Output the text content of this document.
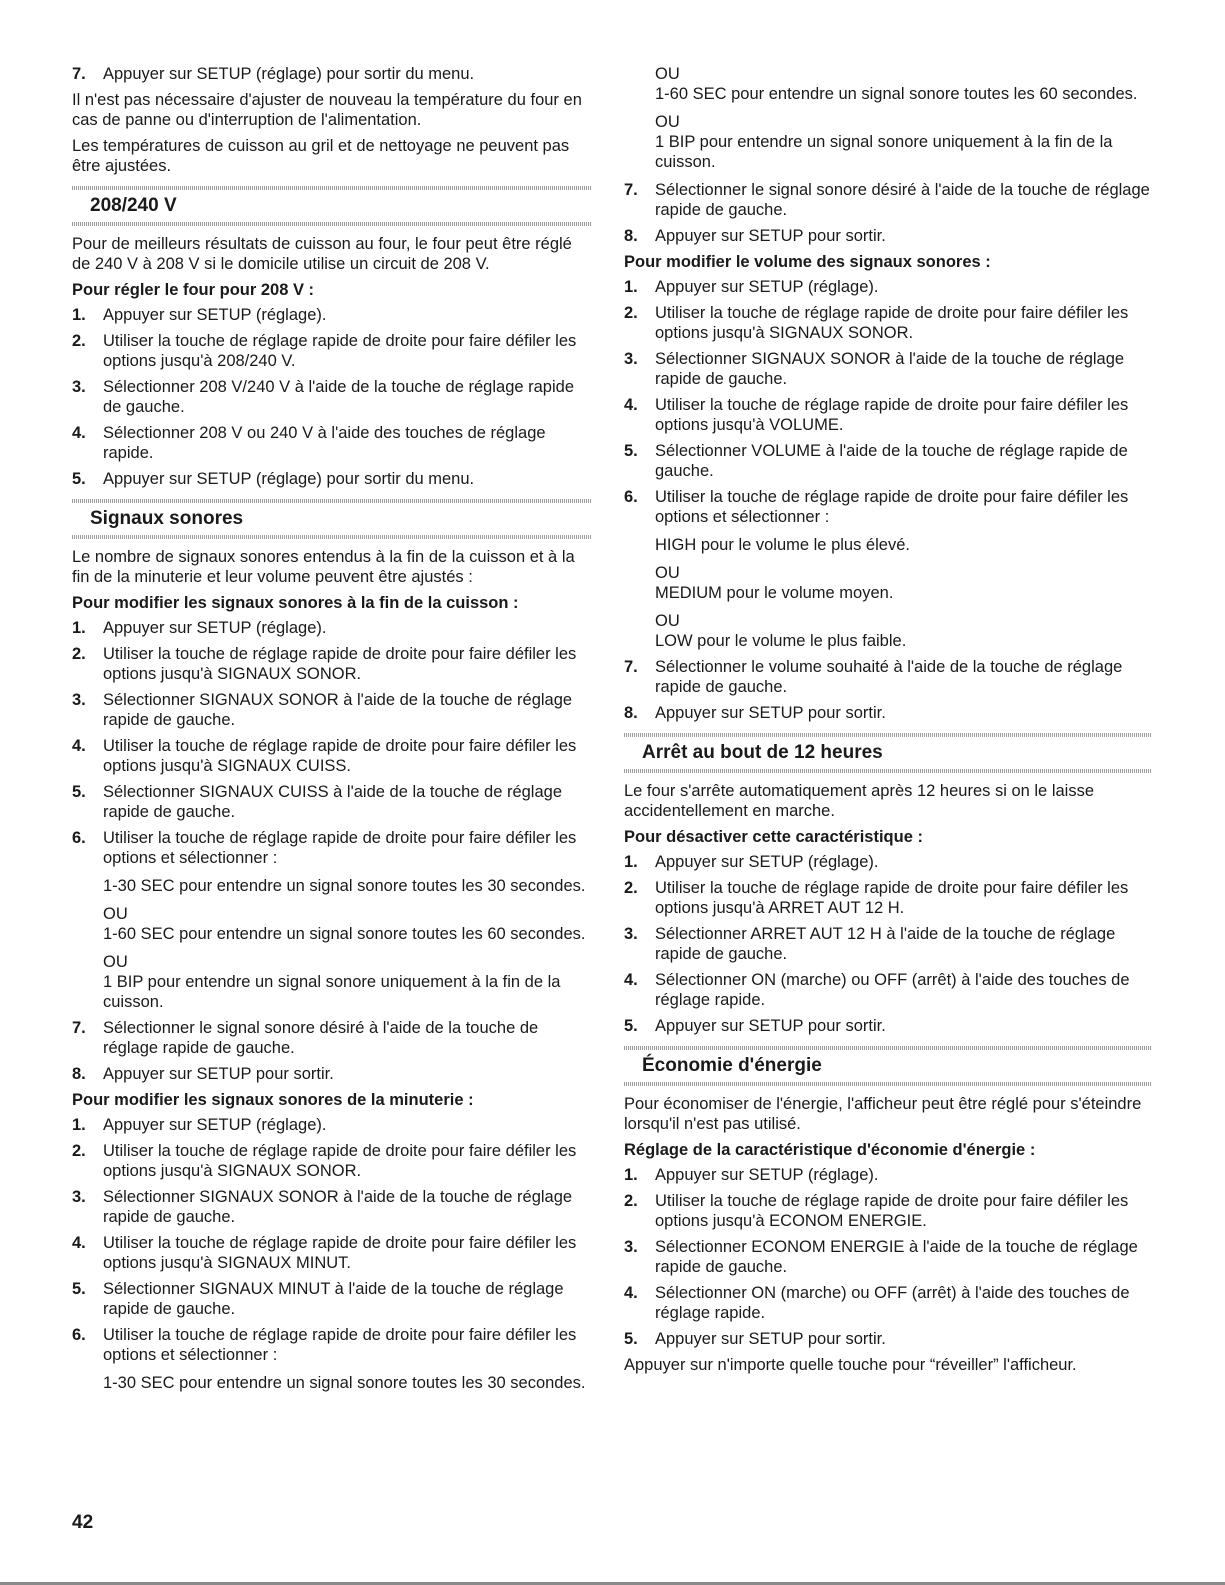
7.	Appuyer sur SETUP (réglage) pour sortir du menu.

Il n'est pas nécessaire d'ajuster de nouveau la température du four en cas de panne ou d'interruption de l'alimentation.

Les températures de cuisson au gril et de nettoyage ne peuvent pas être ajustées.

208/240 V

Pour de meilleurs résultats de cuisson au four, le four peut être réglé de 240 V à 208 V si le domicile utilise un circuit de 208 V.

Pour régler le four pour 208 V :

1.	Appuyer sur SETUP (réglage).

2.	Utiliser la touche de réglage rapide de droite pour faire défiler les options jusqu'à 208/240 V.

3.	Sélectionner 208 V/240 V à l'aide de la touche de réglage rapide de gauche.

4.	Sélectionner 208 V ou 240 V à l'aide des touches de réglage rapide.

5.	Appuyer sur SETUP (réglage) pour sortir du menu.

Signaux sonores

Le nombre de signaux sonores entendus à la fin de la cuisson et à la fin de la minuterie et leur volume peuvent être ajustés :

Pour modifier les signaux sonores à la fin de la cuisson :

1.	Appuyer sur SETUP (réglage).

2.	Utiliser la touche de réglage rapide de droite pour faire défiler les options jusqu'à SIGNAUX SONOR.

3.	Sélectionner SIGNAUX SONOR à l'aide de la touche de réglage rapide de gauche.

4.	Utiliser la touche de réglage rapide de droite pour faire défiler les options jusqu'à SIGNAUX CUISS.

5.	Sélectionner SIGNAUX CUISS à l'aide de la touche de réglage rapide de gauche.

6.	Utiliser la touche de réglage rapide de droite pour faire défiler les options et sélectionner :

1-30 SEC pour entendre un signal sonore toutes les 30 secondes.

OU
1-60 SEC pour entendre un signal sonore toutes les 60 secondes.

OU
1 BIP pour entendre un signal sonore uniquement à la fin de la cuisson.

7.	Sélectionner le signal sonore désiré à l'aide de la touche de réglage rapide de gauche.

8.	Appuyer sur SETUP pour sortir.

Pour modifier les signaux sonores de la minuterie :

1.	Appuyer sur SETUP (réglage).

2.	Utiliser la touche de réglage rapide de droite pour faire défiler les options jusqu'à SIGNAUX SONOR.

3.	Sélectionner SIGNAUX SONOR à l'aide de la touche de réglage rapide de gauche.

4.	Utiliser la touche de réglage rapide de droite pour faire défiler les options jusqu'à SIGNAUX MINUT.

5.	Sélectionner SIGNAUX MINUT à l'aide de la touche de réglage rapide de gauche.

6.	Utiliser la touche de réglage rapide de droite pour faire défiler les options et sélectionner :

1-30 SEC pour entendre un signal sonore toutes les 30 secondes.

OU
1-60 SEC pour entendre un signal sonore toutes les 60 secondes.

OU
1 BIP pour entendre un signal sonore uniquement à la fin de la cuisson.

7.	Sélectionner le signal sonore désiré à l'aide de la touche de réglage rapide de gauche.

8.	Appuyer sur SETUP pour sortir.

Pour modifier le volume des signaux sonores :

1.	Appuyer sur SETUP (réglage).

2.	Utiliser la touche de réglage rapide de droite pour faire défiler les options jusqu'à SIGNAUX SONOR.

3.	Sélectionner SIGNAUX SONOR à l'aide de la touche de réglage rapide de gauche.

4.	Utiliser la touche de réglage rapide de droite pour faire défiler les options jusqu'à VOLUME.

5.	Sélectionner VOLUME à l'aide de la touche de réglage rapide de gauche.

6.	Utiliser la touche de réglage rapide de droite pour faire défiler les options et sélectionner :

HIGH pour le volume le plus élevé.

OU
MEDIUM pour le volume moyen.

OU
LOW pour le volume le plus faible.

7.	Sélectionner le volume souhaité à l'aide de la touche de réglage rapide de gauche.

8.	Appuyer sur SETUP pour sortir.

Arrêt au bout de 12 heures

Le four s'arrête automatiquement après 12 heures si on le laisse accidentellement en marche.

Pour désactiver cette caractéristique :

1.	Appuyer sur SETUP (réglage).

2.	Utiliser la touche de réglage rapide de droite pour faire défiler les options jusqu'à ARRET AUT 12 H.

3.	Sélectionner ARRET AUT 12 H à l'aide de la touche de réglage rapide de gauche.

4.	Sélectionner ON (marche) ou OFF (arrêt) à l'aide des touches de réglage rapide.

5.	Appuyer sur SETUP pour sortir.

Économie d'énergie

Pour économiser de l'énergie, l'afficheur peut être réglé pour s'éteindre lorsqu'il n'est pas utilisé.

Réglage de la caractéristique d'économie d'énergie :

1.	Appuyer sur SETUP (réglage).

2.	Utiliser la touche de réglage rapide de droite pour faire défiler les options jusqu'à ECONOM ENERGIE.

3.	Sélectionner ECONOM ENERGIE à l'aide de la touche de réglage rapide de gauche.

4.	Sélectionner ON (marche) ou OFF (arrêt) à l'aide des touches de réglage rapide.

5.	Appuyer sur SETUP pour sortir.

Appuyer sur n'importe quelle touche pour “réveiller” l'afficheur.

42
